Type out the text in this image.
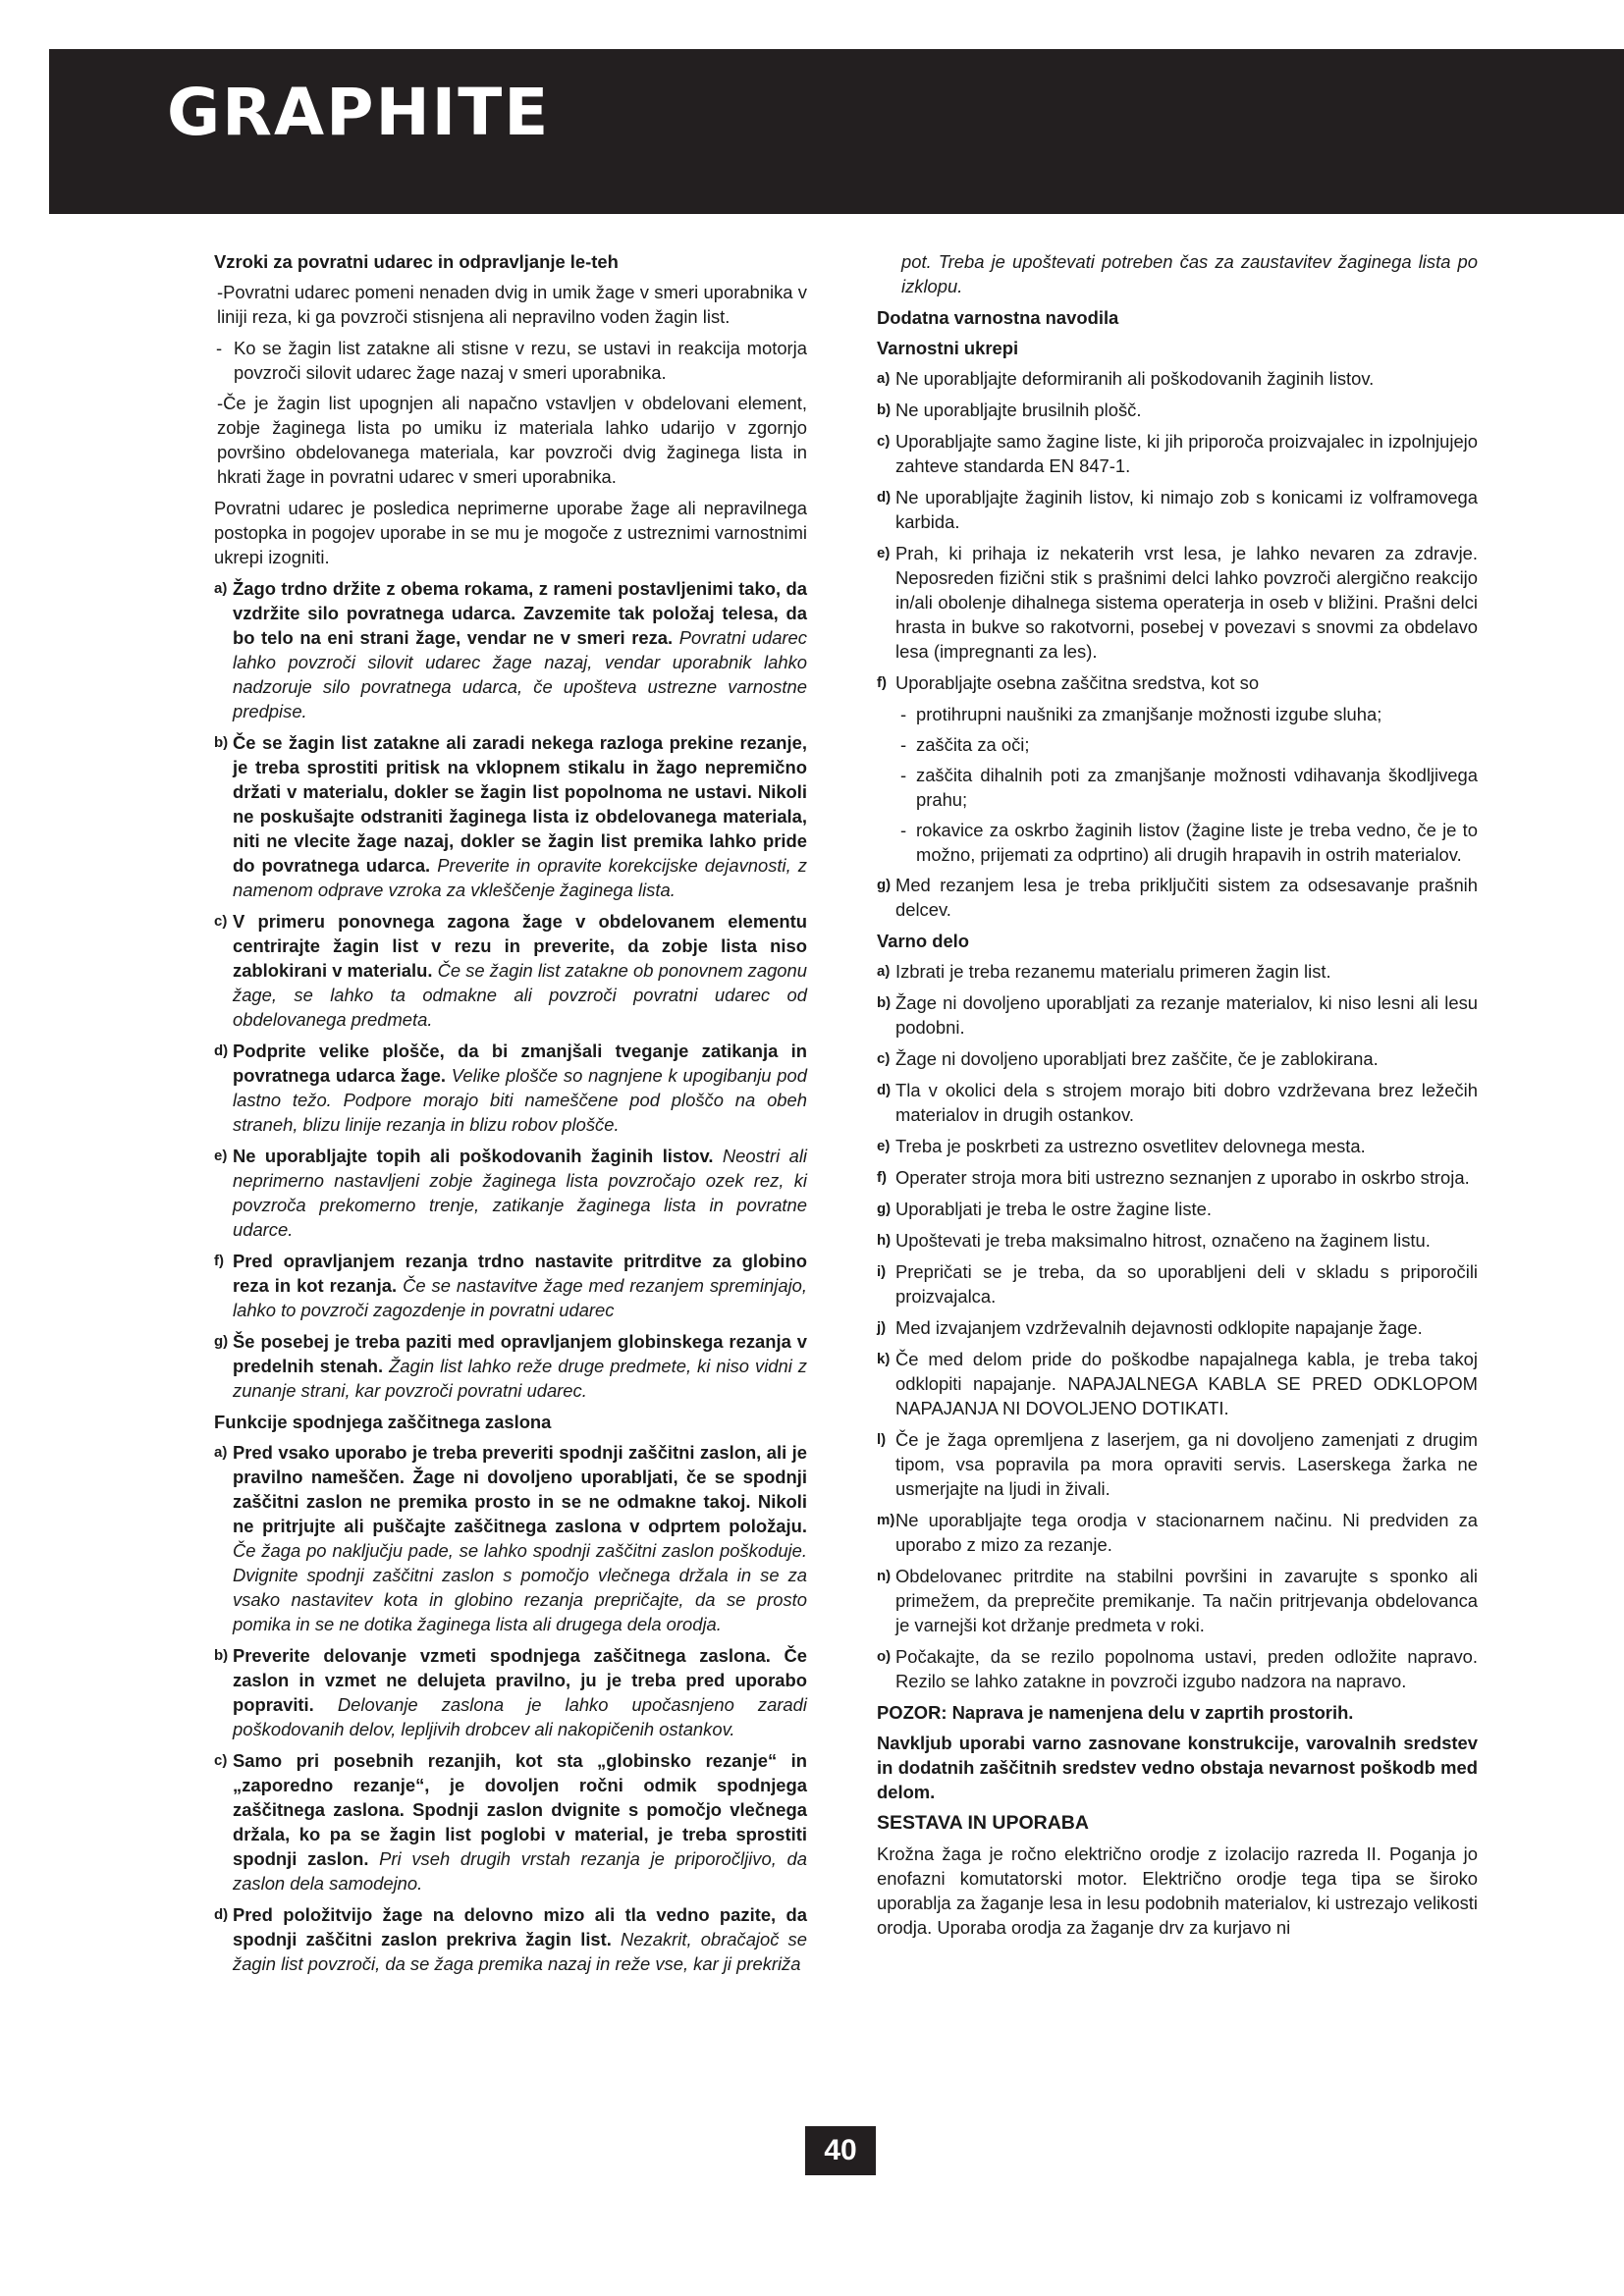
GRAPHITE
Vzroki za povratni udarec in odpravljanje le-teh
-Povratni udarec pomeni nenaden dvig in umik žage v smeri uporabnika v liniji reza, ki ga povzroči stisnjena ali nepravilno voden žagin list.
- Ko se žagin list zatakne ali stisne v rezu, se ustavi in reakcija motorja povzroči silovit udarec žage nazaj v smeri uporabnika.
-Če je žagin list upognjen ali napačno vstavljen v obdelovani element, zobje žaginega lista po umiku iz materiala lahko udarijo v zgornjo površino obdelovanega materiala, kar povzroči dvig žaginega lista in hkrati žage in povratni udarec v smeri uporabnika.
Povratni udarec je posledica neprimerne uporabe žage ali nepravilnega postopka in pogojev uporabe in se mu je mogoče z ustreznimi varnostnimi ukrepi izogniti.
a) Žago trdno držite z obema rokama, z rameni postavljenimi tako, da vzdržite silo povratnega udarca. Zavzemite tak položaj telesa, da bo telo na eni strani žage, vendar ne v smeri reza. Povratni udarec lahko povzroči silovit udarec žage nazaj, vendar uporabnik lahko nadzoruje silo povratnega udarca, če upošteva ustrezne varnostne predpise.
b) Če se žagin list zatakne ali zaradi nekega razloga prekine rezanje, je treba sprostiti pritisk na vklopnem stikalu in žago nepremično držati v materialu, dokler se žagin list popolnoma ne ustavi. Nikoli ne poskušajte odstraniti žaginega lista iz obdelovanega materiala, niti ne vlecite žage nazaj, dokler se žagin list premika lahko pride do povratnega udarca. Preverite in opravite korekcijske dejavnosti, z namenom odprave vzroka za vkleščenje žaginega lista.
c) V primeru ponovnega zagona žage v obdelovanem elementu centrirajte žagin list v rezu in preverite, da zobje lista niso zablokirani v materialu. Če se žagin list zatakne ob ponovnem zagonu žage, se lahko ta odmakne ali povzroči povratni udarec od obdelovanega predmeta.
d) Podprite velike plošče, da bi zmanjšali tveganje zatikanja in povratnega udarca žage. Velike plošče so nagnjene k upogibanju pod lastno težo. Podpore morajo biti nameščene pod ploščo na obeh straneh, blizu linije rezanja in blizu robov plošče.
e) Ne uporabljajte topih ali poškodovanih žaginih listov. Neostri ali neprimerno nastavljeni zobje žaginega lista povzročajo ozek rez, ki povzroča prekomerno trenje, zatikanje žaginega lista in povratne udarce.
f) Pred opravljanjem rezanja trdno nastavite pritrditve za globino reza in kot rezanja. Če se nastavitve žage med rezanjem spreminjajo, lahko to povzroči zagozdenje in povratni udarec
g) Še posebej je treba paziti med opravljanjem globinskega rezanja v predelnih stenah. Žagin list lahko reže druge predmete, ki niso vidni z zunanje strani, kar povzroči povratni udarec.
Funkcije spodnjega zaščitnega zaslona
a) Pred vsako uporabo je treba preveriti spodnji zaščitni zaslon, ali je pravilno nameščen. Žage ni dovoljeno uporabljati, če se spodnji zaščitni zaslon ne premika prosto in se ne odmakne takoj. Nikoli ne pritrjujte ali puščajte zaščitnega zaslona v odprtem položaju. Če žaga po naključju pade, se lahko spodnji zaščitni zaslon poškoduje. Dvignite spodnji zaščitni zaslon s pomočjo vlečnega držala in se za vsako nastavitev kota in globino rezanja prepričajte, da se prosto pomika in se ne dotika žaginega lista ali drugega dela orodja.
b) Preverite delovanje vzmeti spodnjega zaščitnega zaslona. Če zaslon in vzmet ne delujeta pravilno, ju je treba pred uporabo popraviti. Delovanje zaslona je lahko upočasnjeno zaradi poškodovanih delov, lepljivih drobcev ali nakopičenih ostankov.
c) Samo pri posebnih rezanjih, kot sta „globinsko rezanje“ in „zaporedno rezanje“, je dovoljen ročni odmik spodnjega zaščitnega zaslona. Spodnji zaslon dvignite s pomočjo vlečnega držala, ko pa se žagin list poglobi v material, je treba sprostiti spodnji zaslon. Pri vseh drugih vrstah rezanja je priporočljivo, da zaslon dela samodejno.
d) Pred položitvijo žage na delovno mizo ali tla vedno pazite, da spodnji zaščitni zaslon prekriva žagin list. Nezakrit, obračajoč se žagin list povzroči, da se žaga premika nazaj in reže vse, kar ji prekriža
pot. Treba je upoštevati potreben čas za zaustavitev žaginega lista po izklopu.
Dodatna varnostna navodila
Varnostni ukrepi
a) Ne uporabljajte deformiranih ali poškodovanih žaginih listov.
b) Ne uporabljajte brusilnih plošč.
c) Uporabljajte samo žagine liste, ki jih priporoča proizvajalec in izpolnjujejo zahteve standarda EN 847-1.
d) Ne uporabljajte žaginih listov, ki nimajo zob s konicami iz volframovega karbida.
e) Prah, ki prihaja iz nekaterih vrst lesa, je lahko nevaren za zdravje. Neposreden fizični stik s prašnimi delci lahko povzroči alergično reakcijo in/ali obolenje dihalnega sistema operaterja in oseb v bližini. Prašni delci hrasta in bukve so rakotvorni, posebej v povezavi s snovmi za obdelavo lesa (impregnanti za les).
f) Uporabljajte osebna zaščitna sredstva, kot so
- protihrupni naušniki za zmanjšanje možnosti izgube sluha;
- zaščita za oči;
- zaščita dihalnih poti za zmanjšanje možnosti vdihavanja škodljivega prahu;
- rokavice za oskrbo žaginih listov (žagine liste je treba vedno, če je to možno, prijemati za odprtino) ali drugih hrapavih in ostrih materialov.
g) Med rezanjem lesa je treba priključiti sistem za odsesavanje prašnih delcev.
Varno delo
a) Izbrati je treba rezanemu materialu primeren žagin list.
b) Žage ni dovoljeno uporabljati za rezanje materialov, ki niso lesni ali lesu podobni.
c) Žage ni dovoljeno uporabljati brez zaščite, če je zablokirana.
d) Tla v okolici dela s strojem morajo biti dobro vzdrževana brez ležečih materialov in drugih ostankov.
e) Treba je poskrbeti za ustrezno osvetlitev delovnega mesta.
f) Operater stroja mora biti ustrezno seznanjen z uporabo in oskrbo stroja.
g) Uporabljati je treba le ostre žagine liste.
h) Upoštevati je treba maksimalno hitrost, označeno na žaginem listu.
i) Prepričati se je treba, da so uporabljeni deli v skladu s priporočili proizvajalca.
j) Med izvajanjem vzdrževalnih dejavnosti odklopite napajanje žage.
k) Če med delom pride do poškodbe napajalnega kabla, je treba takoj odklopiti napajanje. NAPAJALNEGA KABLA SE PRED ODKLOPOM NAPAJANJA NI DOVOLJENO DOTIKATI.
l) Če je žaga opremljena z laserjem, ga ni dovoljeno zamenjati z drugim tipom, vsa popravila pa mora opraviti servis. Laserskega žarka ne usmerjajte na ljudi in živali.
m) Ne uporabljajte tega orodja v stacionarnem načinu. Ni predviden za uporabo z mizo za rezanje.
n) Obdelovanec pritrdite na stabilni površini in zavarujte s sponko ali primežem, da preprečite premikanje. Ta način pritrjevanja obdelovanca je varnejši kot držanje predmeta v roki.
o) Počakajte, da se rezilo popolnoma ustavi, preden odložite napravo. Rezilo se lahko zatakne in povzroči izgubo nadzora na napravo.
POZOR: Naprava je namenjena delu v zaprtih prostorih.
Navkljub uporabi varno zasnovane konstrukcije, varovalnih sredstev in dodatnih zaščitnih sredstev vedno obstaja nevarnost poškodb med delom.
SESTAVA IN UPORABA
Krožna žaga je ročno električno orodje z izolacijo razreda II. Poganja jo enofazni komutatorski motor. Električno orodje tega tipa se široko uporablja za žaganje lesa in lesu podobnih materialov, ki ustrezajo velikosti orodja. Uporaba orodja za žaganje drv za kurjavo ni
40
